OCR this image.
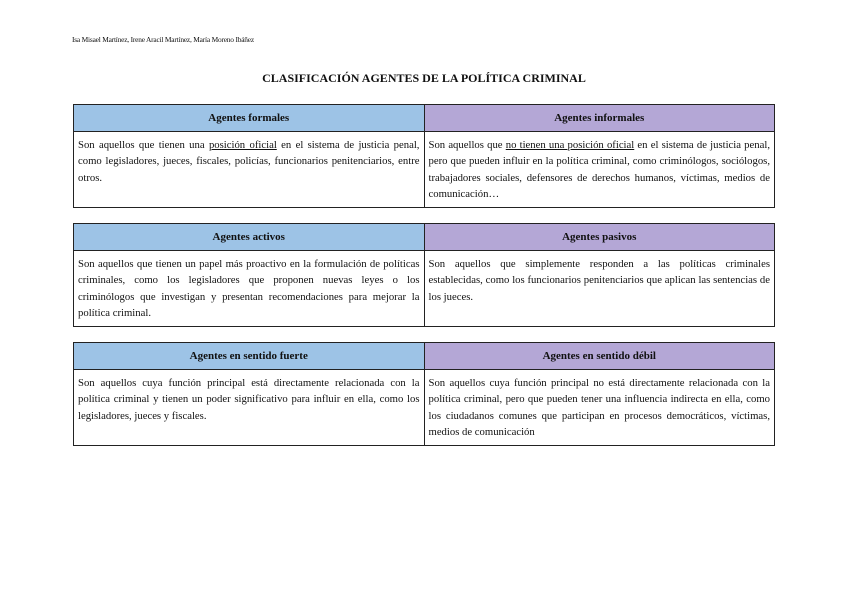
Isa Misael Martínez, Irene Aracil Martínez, María Moreno Ibáñez
CLASIFICACIÓN AGENTES DE LA POLÍTICA CRIMINAL
Agentes formales	Agentes informales
Son aquellos que tienen una posición oficial en el sistema de justicia penal, como legisladores, jueces, fiscales, policías, funcionarios penitenciarios, entre otros.	Son aquellos que no tienen una posición oficial en el sistema de justicia penal, pero que pueden influir en la política criminal, como criminólogos, sociólogos, trabajadores sociales, defensores de derechos humanos, víctimas, medios de comunicación…
Agentes activos	Agentes pasivos
Son aquellos que tienen un papel más proactivo en la formulación de políticas criminales, como los legisladores que proponen nuevas leyes o los criminólogos que investigan y presentan recomendaciones para mejorar la política criminal.	Son aquellos que simplemente responden a las políticas criminales establecidas, como los funcionarios penitenciarios que aplican las sentencias de los jueces.
Agentes en sentido fuerte	Agentes en sentido débil
Son aquellos cuya función principal está directamente relacionada con la política criminal y tienen un poder significativo para influir en ella, como los legisladores, jueces y fiscales.	Son aquellos cuya función principal no está directamente relacionada con la política criminal, pero que pueden tener una influencia indirecta en ella, como los ciudadanos comunes que participan en procesos democráticos, víctimas, medios de comunicación
